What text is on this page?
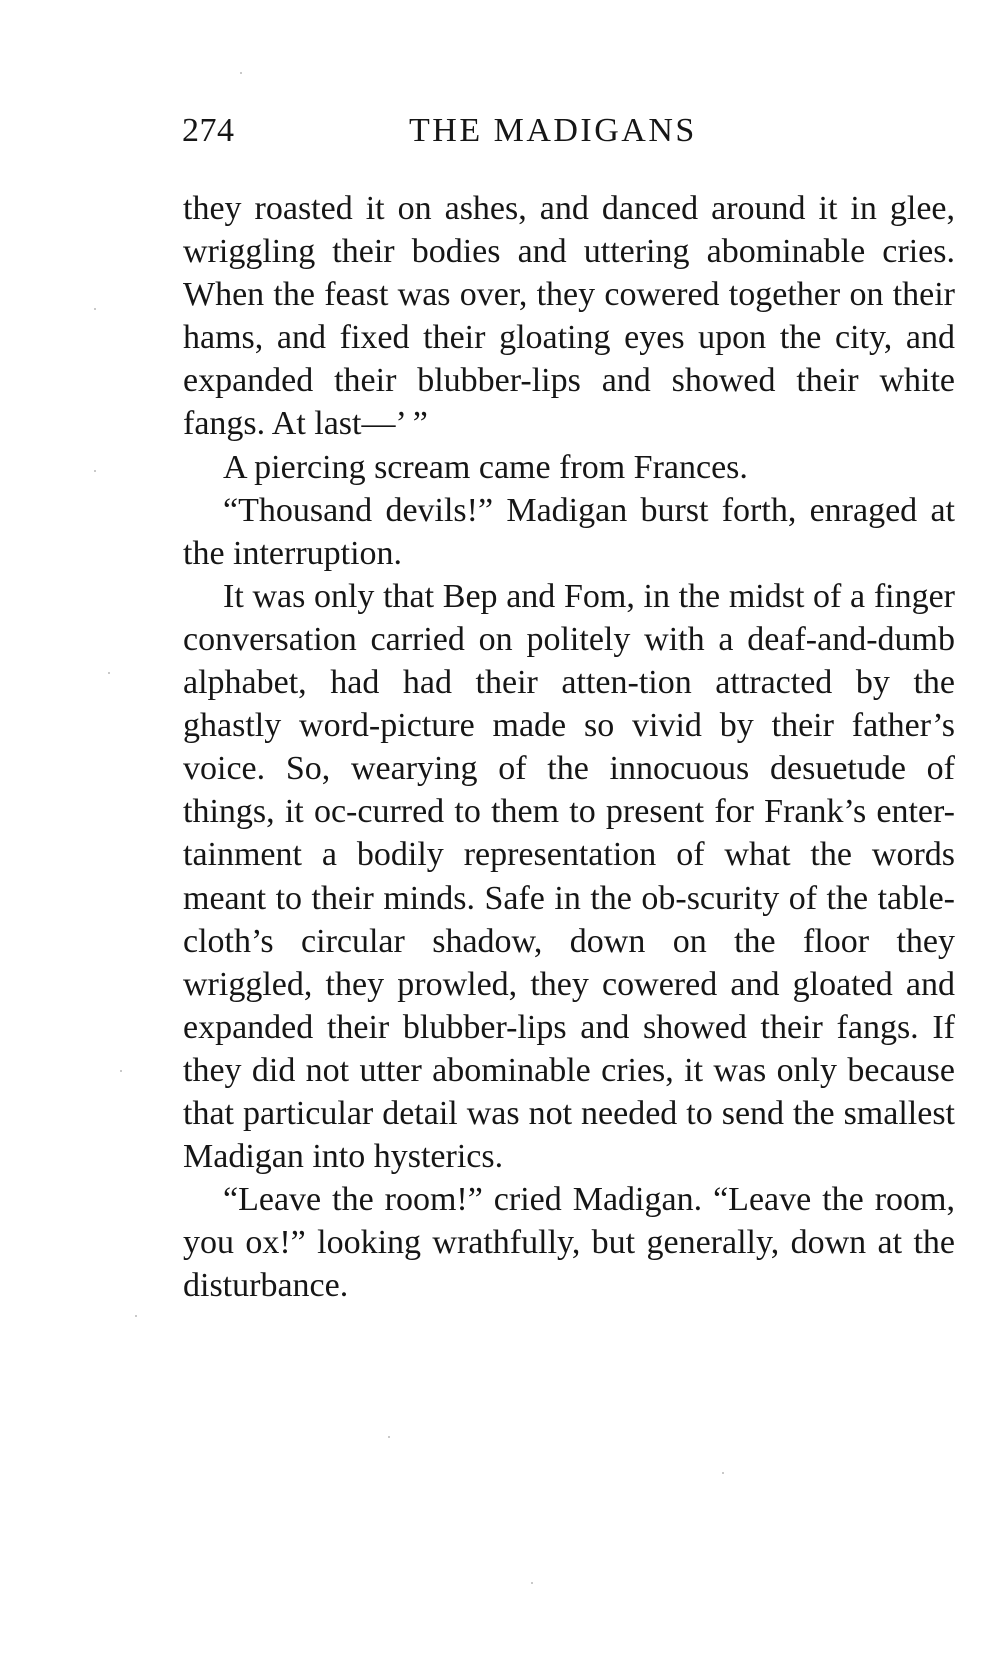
274	THE MADIGANS

they roasted it on ashes, and danced around it in glee, wriggling their bodies and uttering abominable cries. When the feast was over, they cowered together on their hams, and fixed their gloating eyes upon the city, and expanded their blubber-lips and showed their white fangs. At last—’ ”

A piercing scream came from Frances.

“Thousand devils!” Madigan burst forth, enraged at the interruption.

It was only that Bep and Fom, in the midst of a finger conversation carried on politely with a deaf-and-dumb alphabet, had had their atten-tion attracted by the ghastly word-picture made so vivid by their father’s voice. So, wearying of the innocuous desuetude of things, it oc-curred to them to present for Frank’s enter-tainment a bodily representation of what the words meant to their minds. Safe in the ob-scurity of the table-cloth’s circular shadow, down on the floor they wriggled, they prowled, they cowered and gloated and expanded their blubber-lips and showed their fangs. If they did not utter abominable cries, it was only because that particular detail was not needed to send the smallest Madigan into hysterics.

“Leave the room!” cried Madigan. “Leave the room, you ox!” looking wrathfully, but generally, down at the disturbance.
